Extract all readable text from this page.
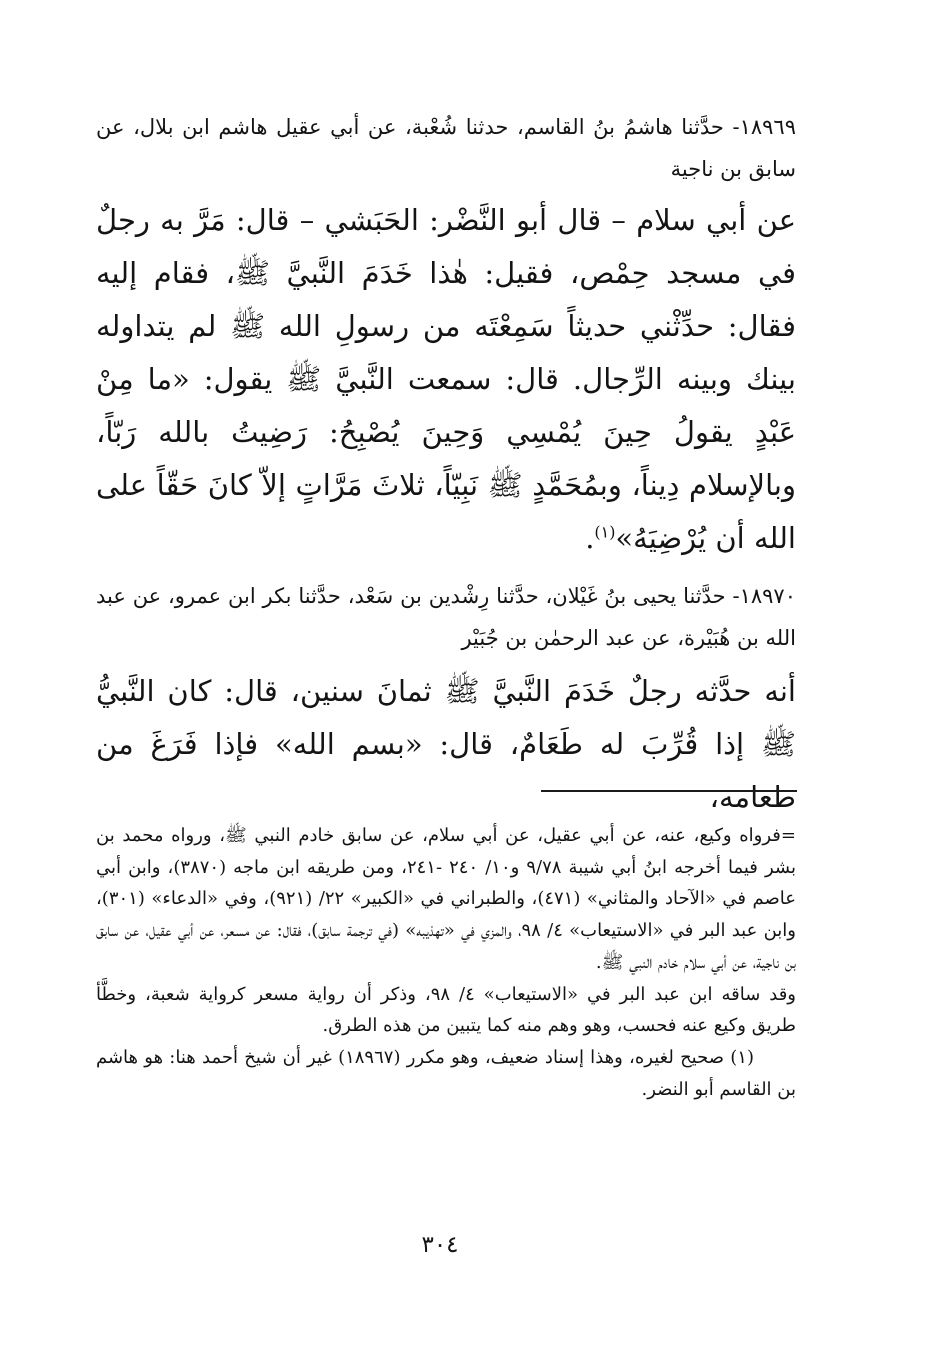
١٨٩٦٩- حدَّثنا هاشمُ بنُ القاسم، حدثنا شُعْبة، عن أبي عقيل هاشم ابن بلال، عن سابق بن ناجية

عن أبي سلام – قال أبو النَّضْر: الحَبَشي – قال: مَرَّ به رجلٌ في مسجد حِمْص، فقيل: هٰذا خَدَمَ النَّبيَّ ﷺ، فقام إليه فقال: حدِّثْني حديثاً سَمِعْتَه من رسولِ الله ﷺ لم يتداوله بينك وبينه الرِّجال. قال: سمعت النَّبيَّ ﷺ يقول: «ما مِنْ عَبْدٍ يقولُ حِينَ يُمْسِي وَحِينَ يُصْبِحُ: رَضِيتُ بالله رَبّاً، وبالإسلام دِيناً، وبمُحَمَّدٍ ﷺ نَبِيّاً، ثلاثَ مَرَّاتٍ إلاّ كانَ حَقّاً على الله أن يُرْضِيَهُ»$^{(١)}$.

١٨٩٧٠- حدَّثنا يحيى بنُ غَيْلان، حدَّثنا رِشْدين بن سَعْد، حدَّثنا بكر ابن عمرو، عن عبد الله بن هُبَيْرة، عن عبد الرحمٰن بن جُبَيْر

أنه حدَّثه رجلٌ خَدَمَ النَّبيَّ ﷺ ثمانَ سنين، قال: كان النَّبيُّ ﷺ إذا قُرِّبَ له طَعَامٌ، قال: «بسم الله» فإذا فَرَغَ من طعامه،

=فرواه وكيع، عنه، عن أبي عقيل، عن أبي سلام، عن سابق خادم النبي ﷺ، ورواه محمد بن بشر فيما أخرجه ابنُ أبي شيبة ٩/٧٨ و١٠/ ٢٤٠ -٢٤١، ومن طريقه ابن ماجه (٣٨٧٠)، وابن أبي عاصم في «الآحاد والمثاني» (٤٧١)، والطبراني في «الكبير» ٢٢/ (٩٢١)، وفي «الدعاء» (٣٠١)، وابن عبد البر في «الاستيعاب» ٤/ ٩٨، والمزي في «تهذيبه» (في ترجمة سابق)، فقال: عن مسعر، عن أبي عقيل، عن سابق بن ناجية، عن أبي سلام خادم النبي ﷺ.

وقد ساقه ابن عبد البر في «الاستيعاب» ٤/ ٩٨، وذكر أن رواية مسعر كرواية شعبة، وخطَّأ طريق وكيع عنه فحسب، وهو وهم منه كما يتبين من هذه الطرق.

(١) صحيح لغيره، وهذا إسناد ضعيف، وهو مكرر (١٨٩٦٧) غير أن شيخ أحمد هنا: هو هاشم بن القاسم أبو النضر.

٣٠٤
